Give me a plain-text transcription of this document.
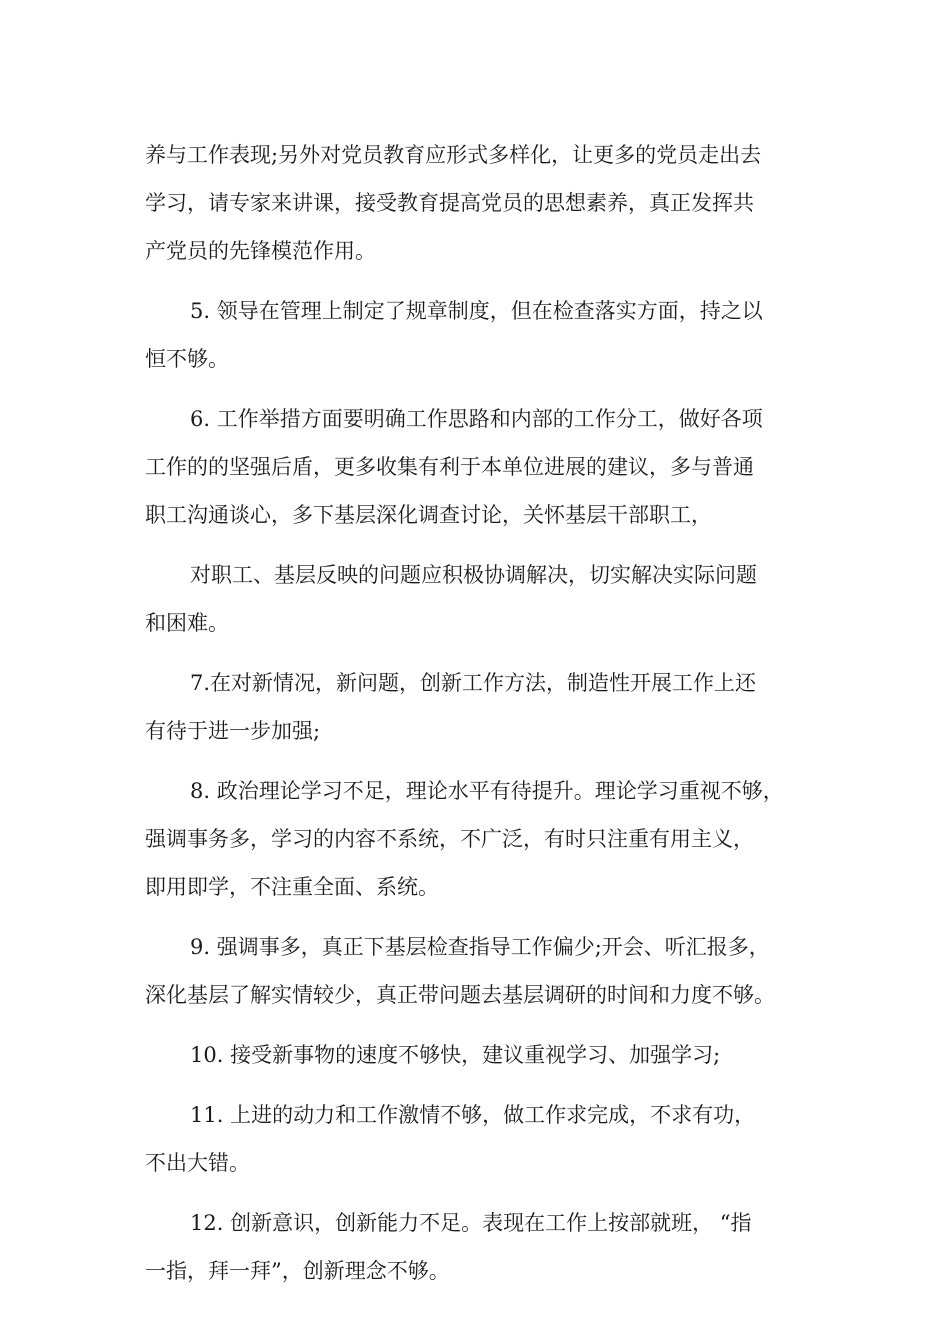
养与工作表现;另外对党员教育应形式多样化，让更多的党员走出去
学习，请专家来讲课，接受教育提高党员的思想素养，真正发挥共
产党员的先锋模范作用。

5. 领导在管理上制定了规章制度，但在检查落实方面，持之以
恒不够。

6. 工作举措方面要明确工作思路和内部的工作分工，做好各项
工作的的坚强后盾，更多收集有利于本单位进展的建议，多与普通
职工沟通谈心，多下基层深化调查讨论，关怀基层干部职工，

对职工、基层反映的问题应积极协调解决，切实解决实际问题
和困难。

7.在对新情况，新问题，创新工作方法，制造性开展工作上还
有待于进一步加强;

8. 政治理论学习不足，理论水平有待提升。理论学习重视不够，
强调事务多，学习的内容不系统，不广泛，有时只注重有用主义，
即用即学，不注重全面、系统。

9. 强调事多，真正下基层检查指导工作偏少;开会、听汇报多，
深化基层了解实情较少，真正带问题去基层调研的时间和力度不够。

10. 接受新事物的速度不够快，建议重视学习、加强学习;

11. 上进的动力和工作激情不够，做工作求完成，不求有功，
不出大错。

12. 创新意识，创新能力不足。表现在工作上按部就班， “指
一指，拜一拜”，创新理念不够。
